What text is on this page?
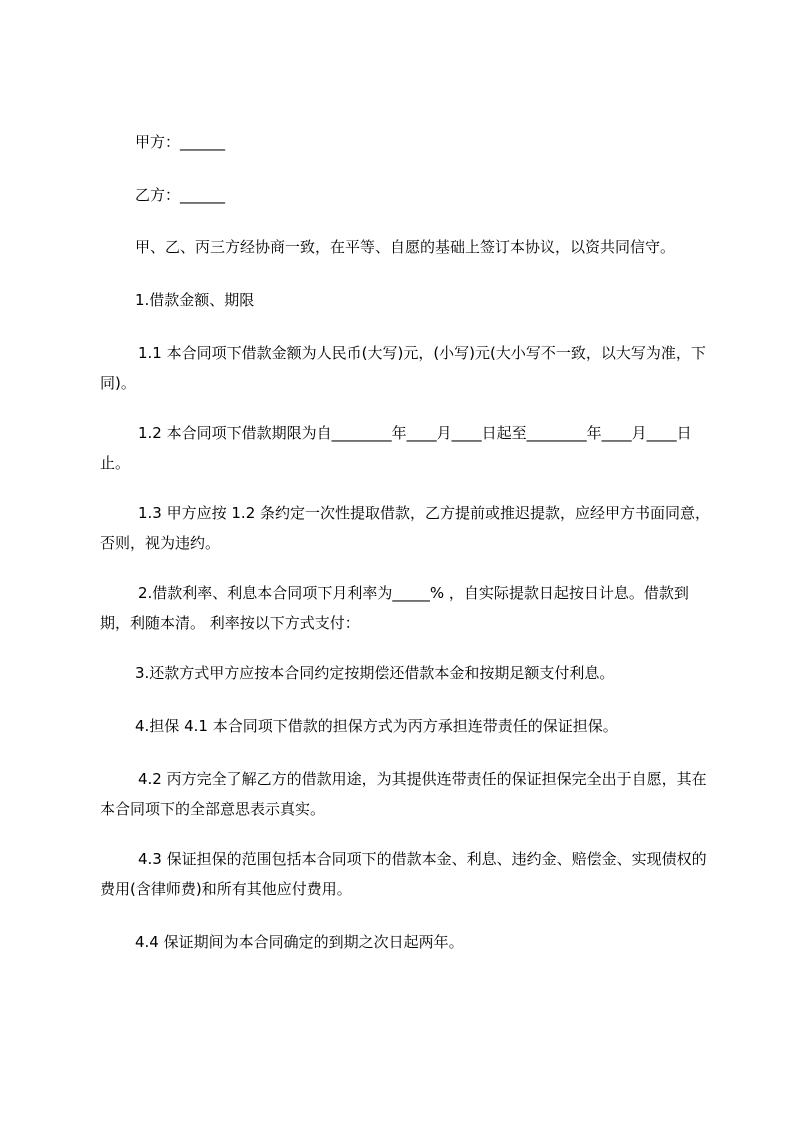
甲方：______

乙方：______

甲、乙、丙三方经协商一致，在平等、自愿的基础上签订本协议，以资共同信守。

1.借款金额、期限

1.1 本合同项下借款金额为人民币(大写)元，(小写)元(大小写不一致，以大写为准，下同)。

1.2 本合同项下借款期限为自________年____月____日起至________年____月____日止。

1.3 甲方应按 1.2 条约定一次性提取借款，乙方提前或推迟提款，应经甲方书面同意，否则，视为违约。

2.借款利率、利息本合同项下月利率为_____% ，自实际提款日起按日计息。借款到期，利随本清。 利率按以下方式支付：

3.还款方式甲方应按本合同约定按期偿还借款本金和按期足额支付利息。

4.担保 4.1 本合同项下借款的担保方式为丙方承担连带责任的保证担保。

4.2 丙方完全了解乙方的借款用途，为其提供连带责任的保证担保完全出于自愿，其在本合同项下的全部意思表示真实。

4.3 保证担保的范围包括本合同项下的借款本金、利息、违约金、赔偿金、实现债权的费用(含律师费)和所有其他应付费用。

4.4 保证期间为本合同确定的到期之次日起两年。
